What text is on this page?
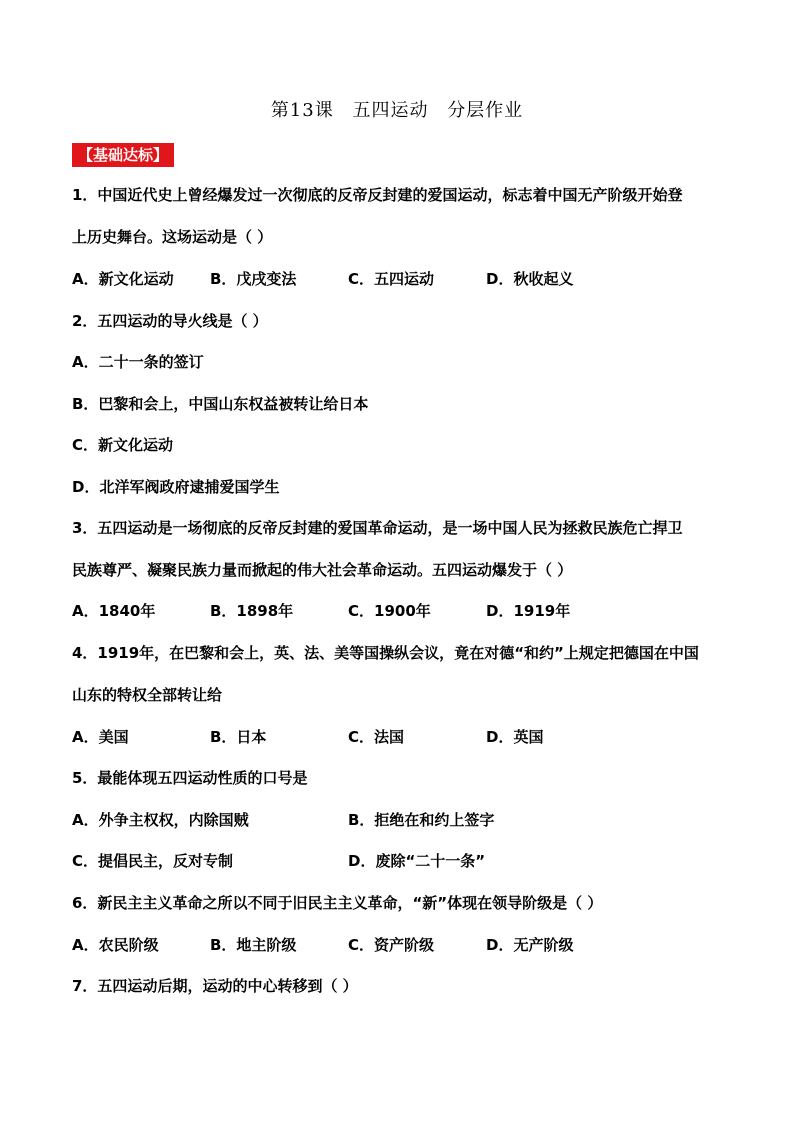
第13课 五四运动 分层作业
【基础达标】
1．中国近代史上曾经爆发过一次彻底的反帝反封建的爱国运动，标志着中国无产阶级开始登
上历史舞台。这场运动是（ ）
A．新文化运动 B．戊戌变法	C．五四运动	D．秋收起义
2．五四运动的导火线是（ ）
A．二十一条的签订
B．巴黎和会上，中国山东权益被转让给日本
C．新文化运动
D．北洋军阀政府逮捕爱国学生
3．五四运动是一场彻底的反帝反封建的爱国革命运动，是一场中国人民为拯救民族危亡捍卫
民族尊严、凝聚民族力量而掀起的伟大社会革命运动。五四运动爆发于（ ）
A．1840年	B．1898年	C．1900年	D．1919年
4．1919年，在巴黎和会上，英、法、美等国操纵会议，竟在对德“和约”上规定把德国在中国
山东的特权全部转让给
A．美国	B．日本	C．法国	D．英国
5．最能体现五四运动性质的口号是
A．外争主权权，内除国贼	B．拒绝在和约上签字
C．提倡民主，反对专制	D．废除“二十一条”
6．新民主主义革命之所以不同于旧民主主义革命，“新”体现在领导阶级是（ ）
A．农民阶级	B．地主阶级	C．资产阶级	D．无产阶级
7．五四运动后期，运动的中心转移到（ ）
